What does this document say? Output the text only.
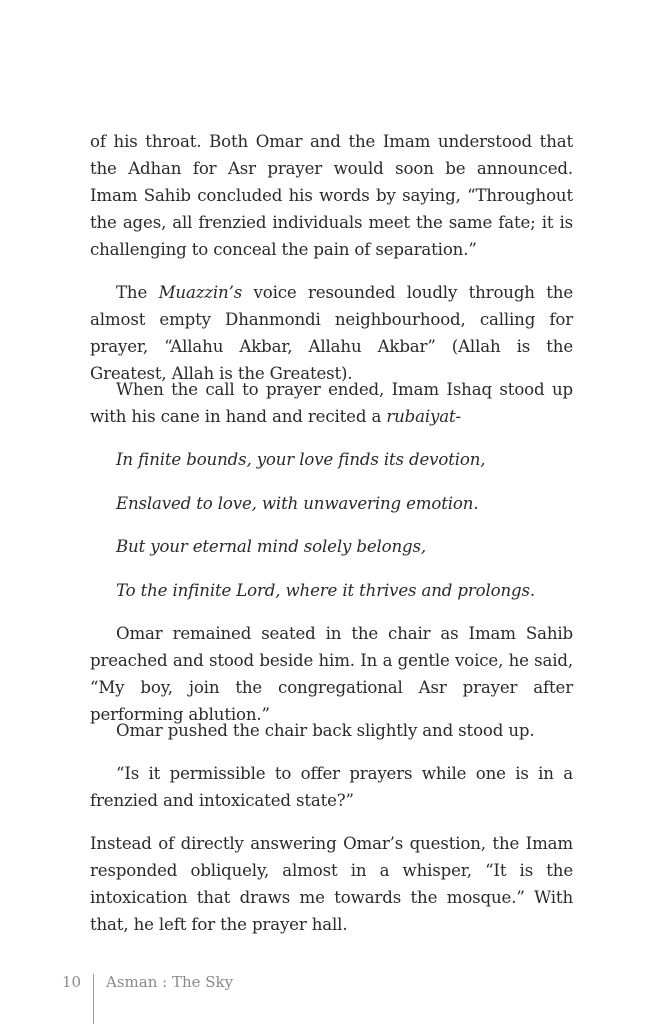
of his throat. Both Omar and the Imam understood that the Adhan for Asr prayer would soon be announced. Imam Sahib concluded his words by saying, “Throughout the ages, all frenzied individuals meet the same fate; it is challenging to conceal the pain of separation.”

The Muazzin’s voice resounded loudly through the almost empty Dhanmondi neighbourhood, calling for prayer, “Allahu Akbar, Allahu Akbar” (Allah is the Greatest, Allah is the Greatest).

When the call to prayer ended, Imam Ishaq stood up with his cane in hand and recited a rubaiyat-

In finite bounds, your love finds its devotion,

Enslaved to love, with unwavering emotion.

But your eternal mind solely belongs,

To the infinite Lord, where it thrives and prolongs.

Omar remained seated in the chair as Imam Sahib preached and stood beside him. In a gentle voice, he said, “My boy, join the congregational Asr prayer after performing ablution.”

Omar pushed the chair back slightly and stood up.

“Is it permissible to offer prayers while one is in a frenzied and intoxicated state?”

Instead of directly answering Omar’s question, the Imam responded obliquely, almost in a whisper, “It is the intoxication that draws me towards the mosque.” With that, he left for the prayer hall.

10 Asman : The Sky
